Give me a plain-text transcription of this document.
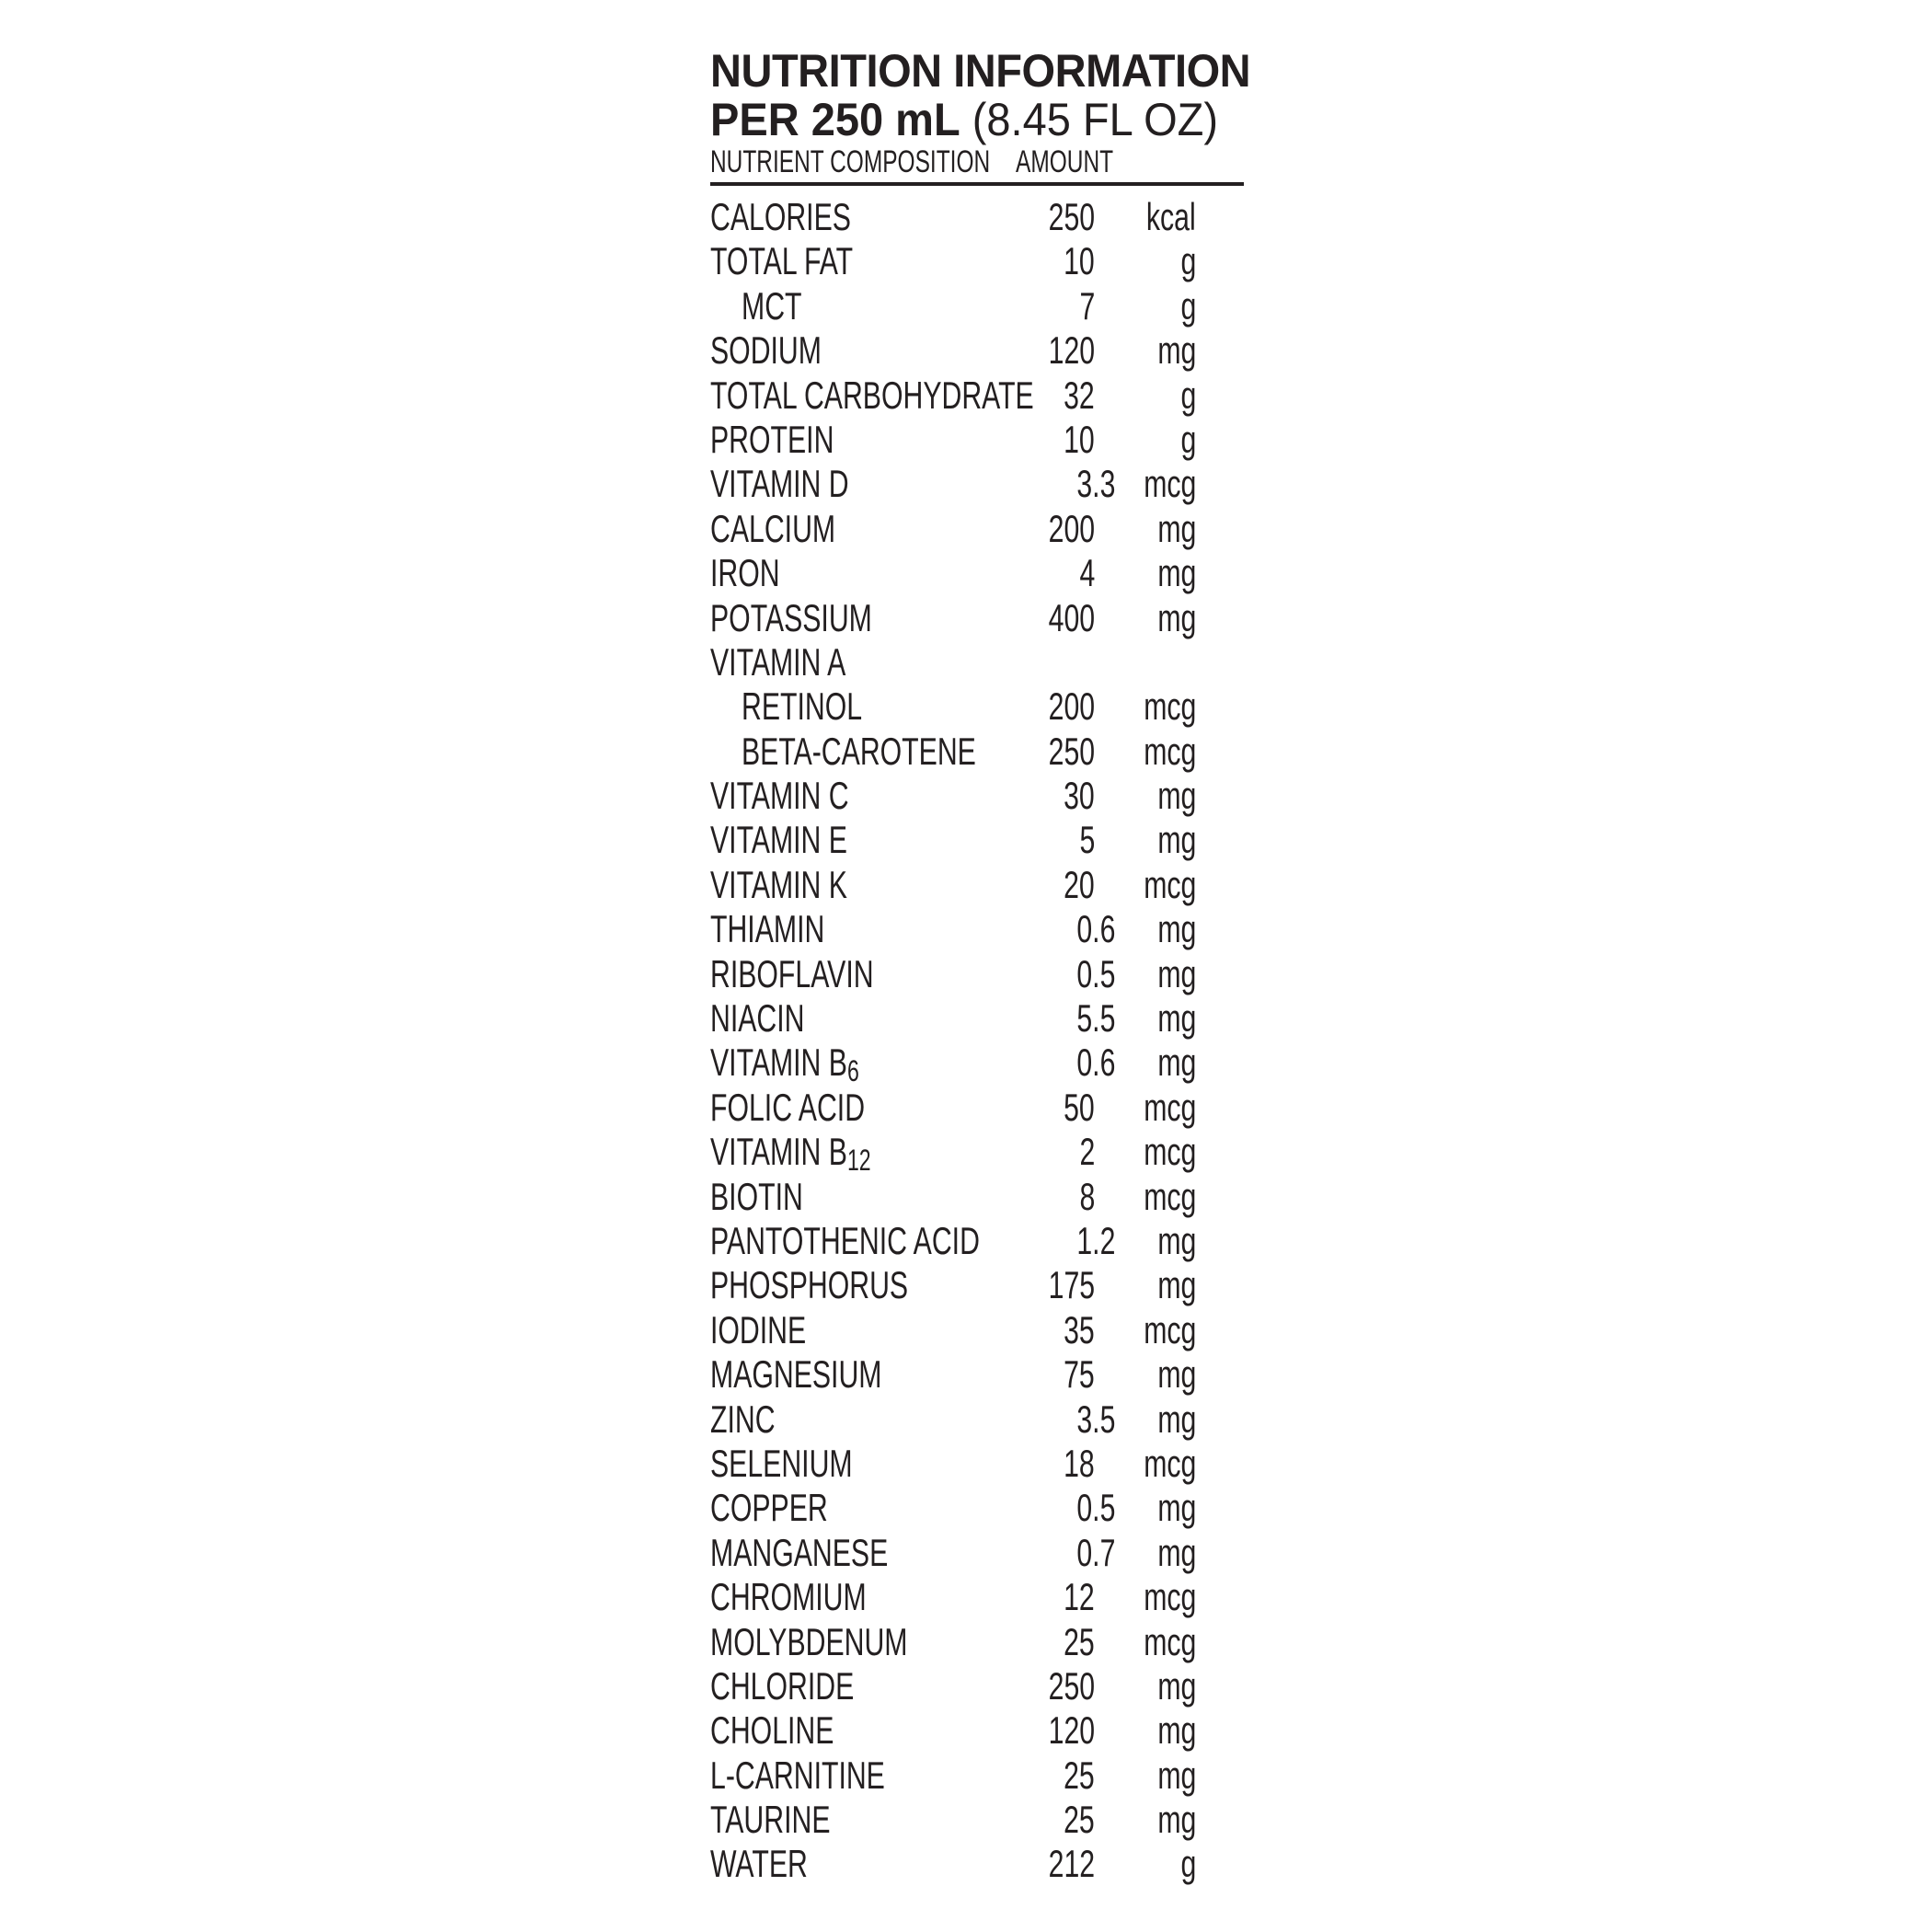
NUTRITION INFORMATION
PER 250 mL (8.45 FL OZ)
NUTRIENT COMPOSITION AMOUNT
CALORIES	250 kcal
TOTAL FAT	10 g
MCT	7 g
SODIUM	120 mg
TOTAL CARBOHYDRATE 32 g
PROTEIN	10 g
VITAMIN D	3.3 mcg
CALCIUM	200 mg
IRON	4 mg
POTASSIUM	400 mg
VITAMIN A
RETINOL	200 mcg
BETA-CAROTENE 250 mcg
VITAMIN C	30 mg
VITAMIN E	5 mg
VITAMIN K	20 mcg
THIAMIN	0.6 mg
RIBOFLAVIN	0.5 mg
NIACIN	5.5 mg
VITAMIN B6	0.6 mg
FOLIC ACID	50 mcg
VITAMIN B12	2 mcg
BIOTIN	8 mcg
PANTOTHENIC ACID	1.2 mg
PHOSPHORUS	175 mg
IODINE	35 mcg
MAGNESIUM	75 mg
ZINC	3.5 mg
SELENIUM	18 mcg
COPPER	0.5 mg
MANGANESE	0.7 mg
CHROMIUM	12 mcg
MOLYBDENUM	25 mcg
CHLORIDE	250 mg
CHOLINE	120 mg
L-CARNITINE	25 mg
TAURINE	25 mg
WATER	212 g
